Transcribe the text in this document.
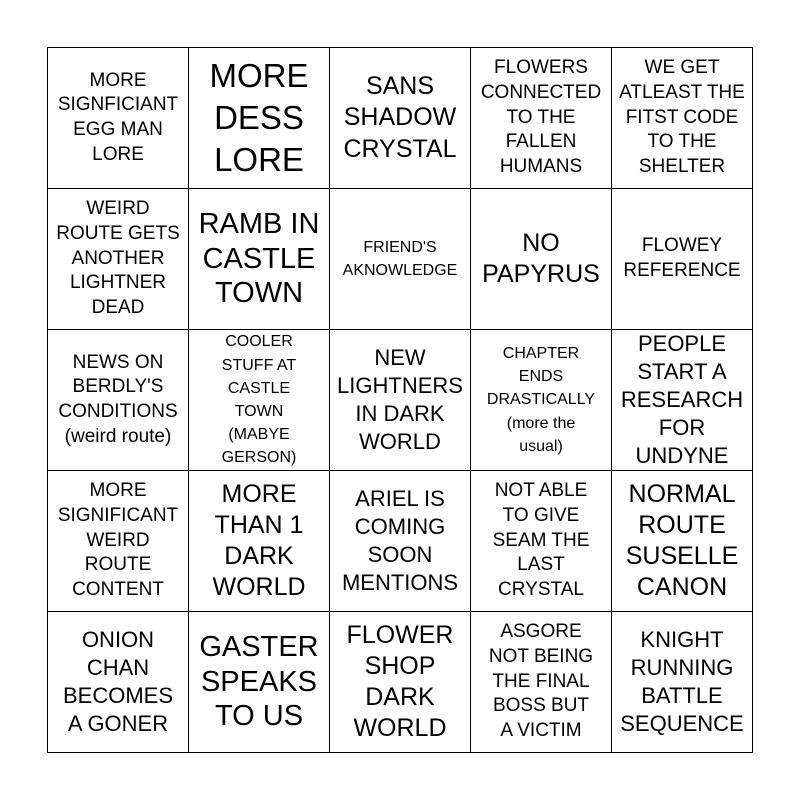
MORE
SIGNFICIANT
EGG MAN
LORE
MORE
DESS
LORE
SANS
SHADOW
CRYSTAL
FLOWERS
CONNECTED
TO THE
FALLEN
HUMANS
WE GET
ATLEAST THE
FITST CODE
TO THE
SHELTER
WEIRD
ROUTE GETS
ANOTHER
LIGHTNER
DEAD
RAMB IN
CASTLE
TOWN
FRIEND'S
AKNOWLEDGE
NO
PAPYRUS
FLOWEY
REFERENCE
NEWS ON
BERDLY'S
CONDITIONS
(weird route)
COOLER
STUFF AT
CASTLE
TOWN
(MABYE
GERSON)
NEW
LIGHTNERS
IN DARK
WORLD
CHAPTER
ENDS
DRASTICALLY
(more the
usual)
PEOPLE
START A
RESEARCH
FOR
UNDYNE
MORE
SIGNIFICANT
WEIRD
ROUTE
CONTENT
MORE
THAN 1
DARK
WORLD
ARIEL IS
COMING
SOON
MENTIONS
NOT ABLE
TO GIVE
SEAM THE
LAST
CRYSTAL
NORMAL
ROUTE
SUSELLE
CANON
ONION
CHAN
BECOMES
A GONER
GASTER
SPEAKS
TO US
FLOWER
SHOP
DARK
WORLD
ASGORE
NOT BEING
THE FINAL
BOSS BUT
A VICTIM
KNIGHT
RUNNING
BATTLE
SEQUENCE
